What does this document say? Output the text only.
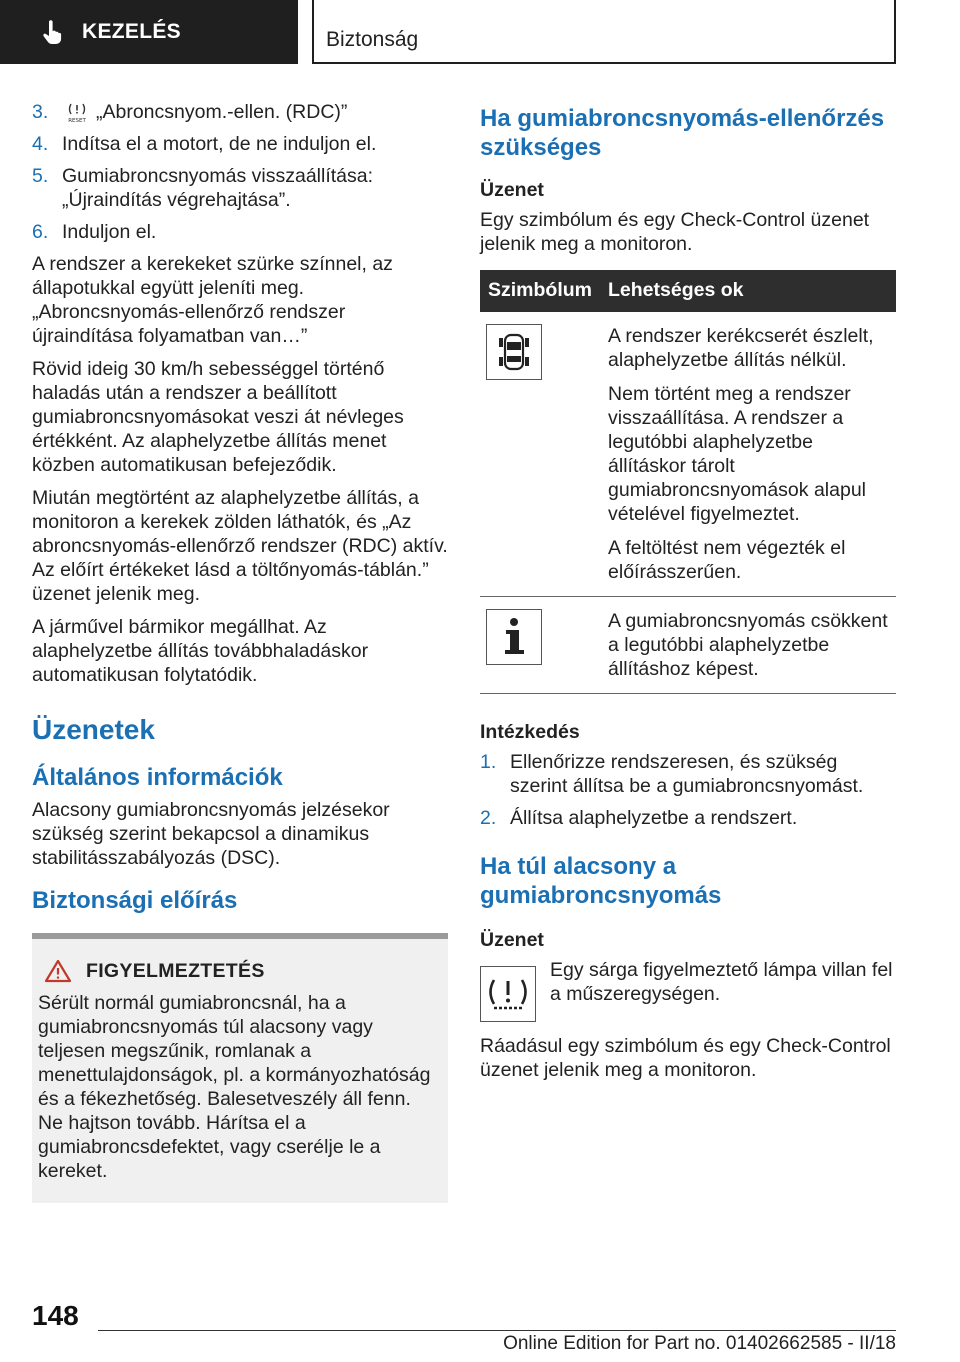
KEZELÉS	Biztonság
3.	RESET „Abroncsnyom.-ellen. (RDC)”
4. Indítsa el a motort, de ne induljon el.
5. Gumiabroncsnyomás visszaállítása: „Újraindítás végrehajtása”.
6. Induljon el.

A rendszer a kerekeket szürke színnel, az állapotukkal együtt jeleníti meg. „Abroncsnyomás-ellenőrző rendszer újraindítása folyamatban van…”

Rövid ideig 30 km/h sebességgel történő haladás után a rendszer a beállított gumiabroncsnyomásokat veszi át névleges értékként. Az alaphelyzetbe állítás menet közben automatikusan befejeződik.

Miután megtörtént az alaphelyzetbe állítás, a monitoron a kerekek zölden láthatók, és „Az abroncsnyomás-ellenőrző rendszer (RDC) aktív. Az előírt értékeket lásd a töltőnyomás-táblán.” üzenet jelenik meg.

A járművel bármikor megállhat. Az alaphelyzetbe állítás továbbhaladáskor automatikusan folytatódik.

Üzenetek
Általános információk

Alacsony gumiabroncsnyomás jelzésekor szükség szerint bekapcsol a dinamikus stabilitásszabályozás (DSC).

Biztonsági előírás
FIGYELMEZTETÉS

Sérült normál gumiabroncsnál, ha a gumiabroncsnyomás túl alacsony vagy teljesen megszűnik, romlanak a menettulajdonságok, pl. a kormányozhatóság és a fékezhetőség. Balesetveszély áll fenn. Ne hajtson tovább. Hárítsa el a gumiabroncsdefektet, vagy cserélje le a kereket.

Ha gumiabroncsnyomás-ellenőrzés szükséges
Üzenet

Egy szimbólum és egy Check-Control üzenet jelenik meg a monitoron.

Szimbólum	Lehetséges ok

A rendszer kerékcserét észlelt, alaphelyzetbe állítás nélkül.

Nem történt meg a rendszer visszaállítása. A rendszer a legutóbbi alaphelyzetbe állításkor tárolt gumiabroncsnyomások alapul vételével figyelmeztet.

A feltöltést nem végezték el előírásszerűen.

A gumiabroncsnyomás csökkent a legutóbbi alaphelyzetbe állításhoz képest.

Intézkedés
1. Ellenőrizze rendszeresen, és szükség szerint állítsa be a gumiabroncsnyomást.
2. Állítsa alaphelyzetbe a rendszert.
Ha túl alacsony a gumiabroncsnyomás
Üzenet

Egy sárga figyelmeztető lámpa villan fel a műszeregységen.

Ráadásul egy szimbólum és egy Check-Control üzenet jelenik meg a monitoron.

148
Online Edition for Part no. 01402662585 - II/18
